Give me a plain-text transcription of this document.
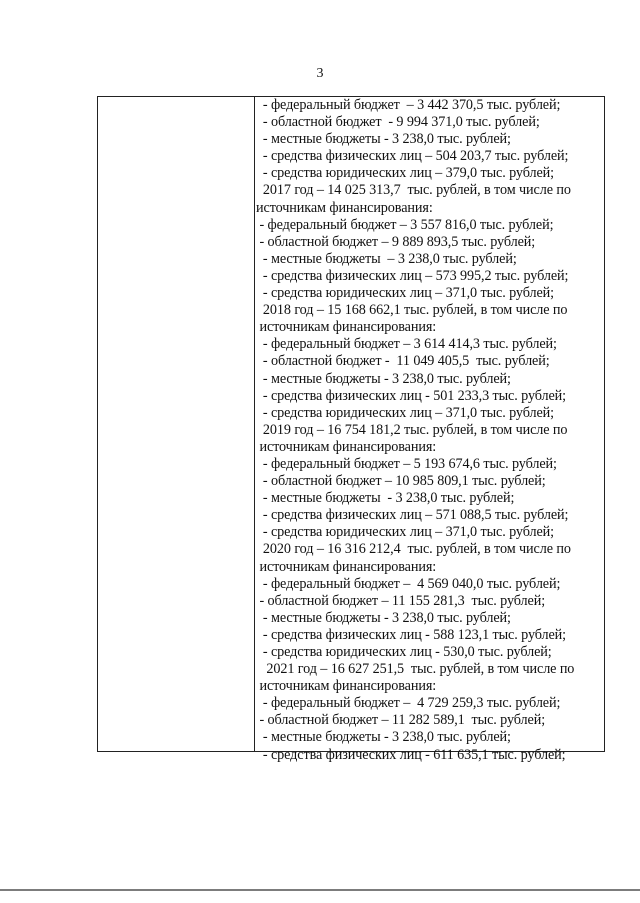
3
- федеральный бюджет  – 3 442 370,5 тыс. рублей;
- областной бюджет  - 9 994 371,0 тыс. рублей;
- местные бюджеты - 3 238,0 тыс. рублей;
- средства физических лиц – 504 203,7 тыс. рублей;
- средства юридических лиц – 379,0 тыс. рублей;
2017 год – 14 025 313,7  тыс. рублей, в том числе по
источникам финансирования:
- федеральный бюджет – 3 557 816,0 тыс. рублей;
- областной бюджет – 9 889 893,5 тыс. рублей;
- местные бюджеты  – 3 238,0 тыс. рублей;
- средства физических лиц – 573 995,2 тыс. рублей;
- средства юридических лиц – 371,0 тыс. рублей;
2018 год – 15 168 662,1 тыс. рублей, в том числе по
источникам финансирования:
- федеральный бюджет – 3 614 414,3 тыс. рублей;
- областной бюджет -  11 049 405,5  тыс. рублей;
- местные бюджеты - 3 238,0 тыс. рублей;
- средства физических лиц - 501 233,3 тыс. рублей;
- средства юридических лиц – 371,0 тыс. рублей;
2019 год – 16 754 181,2 тыс. рублей, в том числе по
источникам финансирования:
- федеральный бюджет – 5 193 674,6 тыс. рублей;
- областной бюджет – 10 985 809,1 тыс. рублей;
- местные бюджеты  - 3 238,0 тыс. рублей;
- средства физических лиц – 571 088,5 тыс. рублей;
- средства юридических лиц – 371,0 тыс. рублей;
2020 год – 16 316 212,4  тыс. рублей, в том числе по
источникам финансирования:
- федеральный бюджет –  4 569 040,0 тыс. рублей;
- областной бюджет – 11 155 281,3  тыс. рублей;
- местные бюджеты - 3 238,0 тыс. рублей;
- средства физических лиц - 588 123,1 тыс. рублей;
- средства юридических лиц - 530,0 тыс. рублей;
2021 год – 16 627 251,5  тыс. рублей, в том числе по
источникам финансирования:
- федеральный бюджет –  4 729 259,3 тыс. рублей;
- областной бюджет – 11 282 589,1  тыс. рублей;
- местные бюджеты - 3 238,0 тыс. рублей;
- средства физических лиц - 611 635,1 тыс. рублей;
